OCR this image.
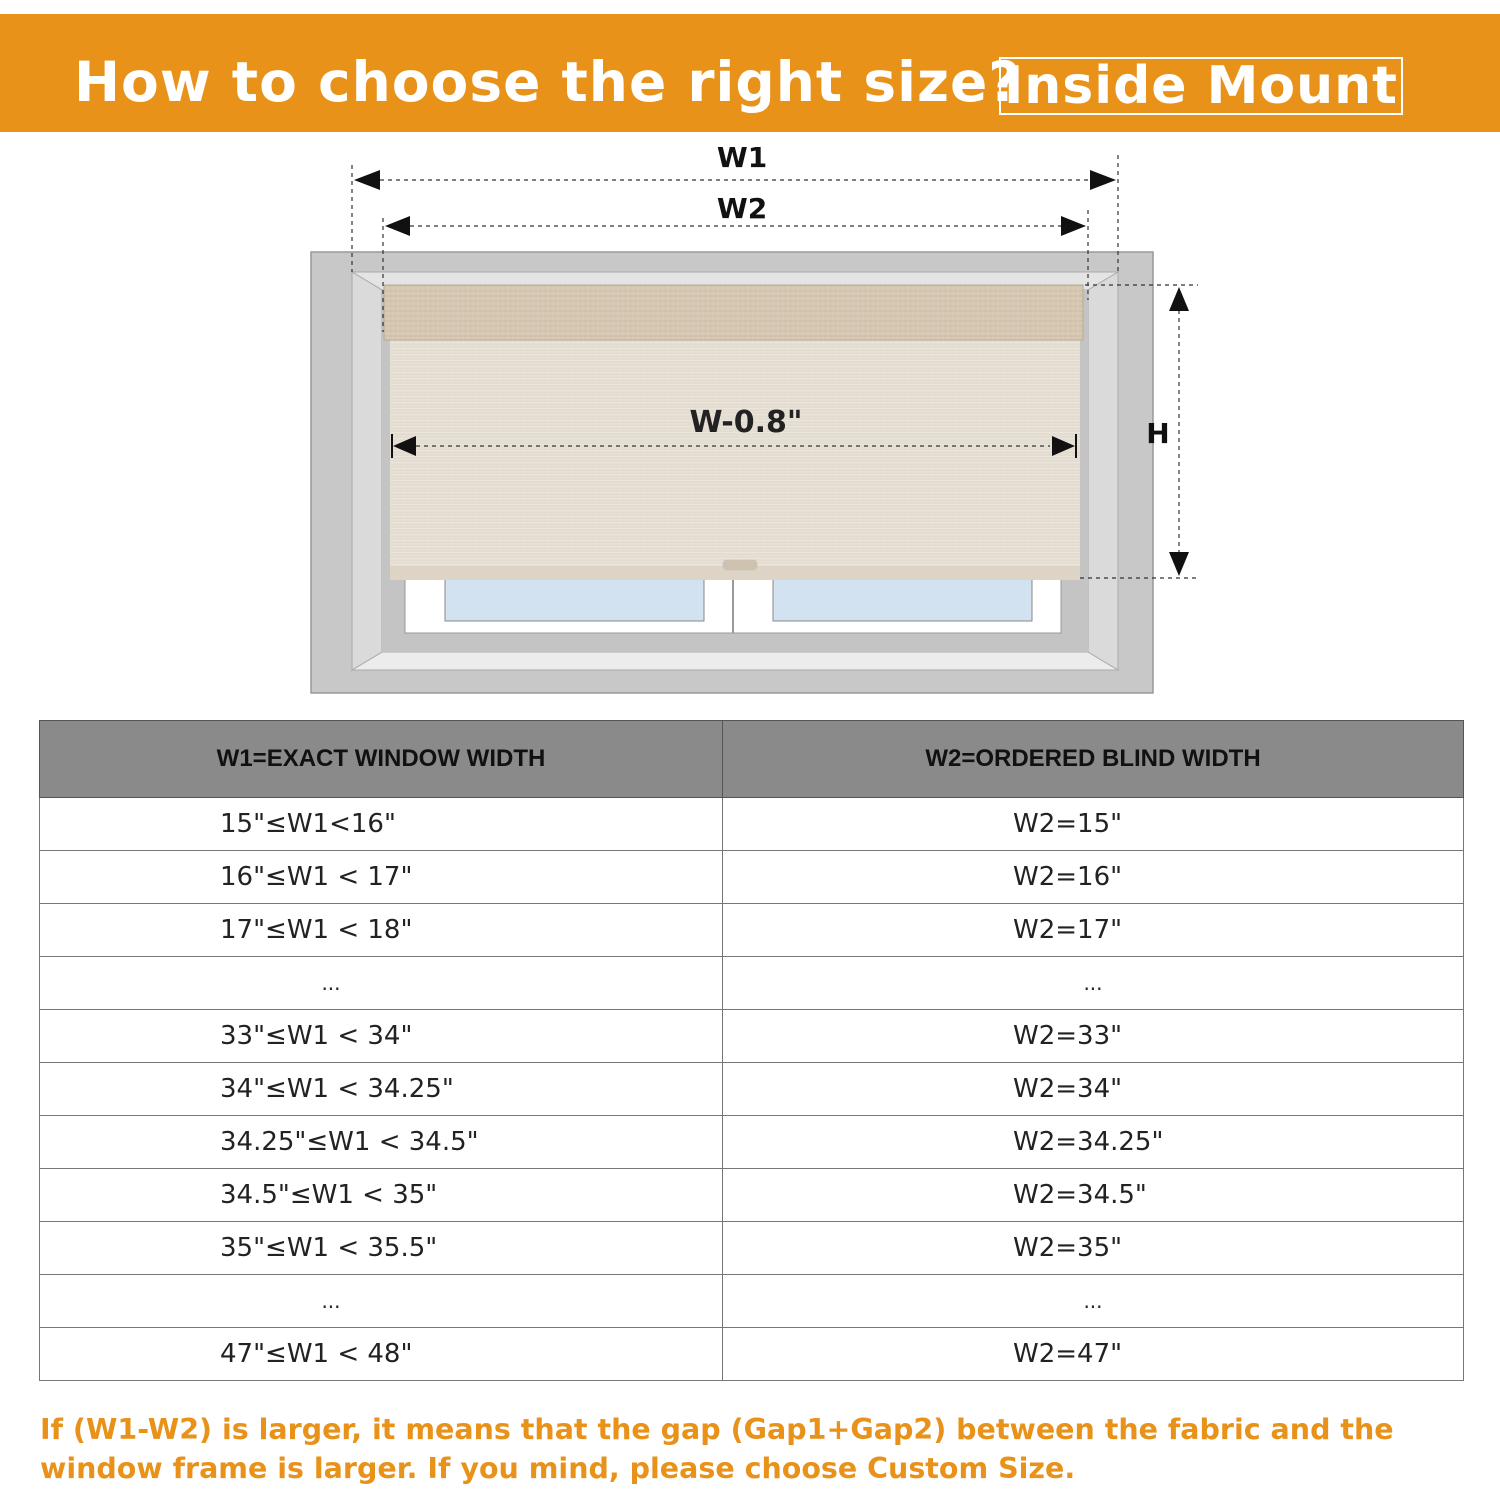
How to choose the right size?
Inside Mount
W1
W2
W-0.8"	H
W1=EXACT WINDOW WIDTH	W2=ORDERED BLIND WIDTH
15"≤W1<16"	W2=15"
16"≤W1 < 17"	W2=16"
17"≤W1 < 18"	W2=17"
...	...
33"≤W1 < 34"	W2=33"
34"≤W1 < 34.25"	W2=34"
34.25"≤W1 < 34.5"	W2=34.25"
34.5"≤W1 < 35"	W2=34.5"
35"≤W1 < 35.5"	W2=35"
...	...
47"≤W1 < 48"	W2=47"
If (W1-W2) is larger, it means that the gap (Gap1+Gap2) between the fabric and the window frame is larger. If you mind, please choose Custom Size.
